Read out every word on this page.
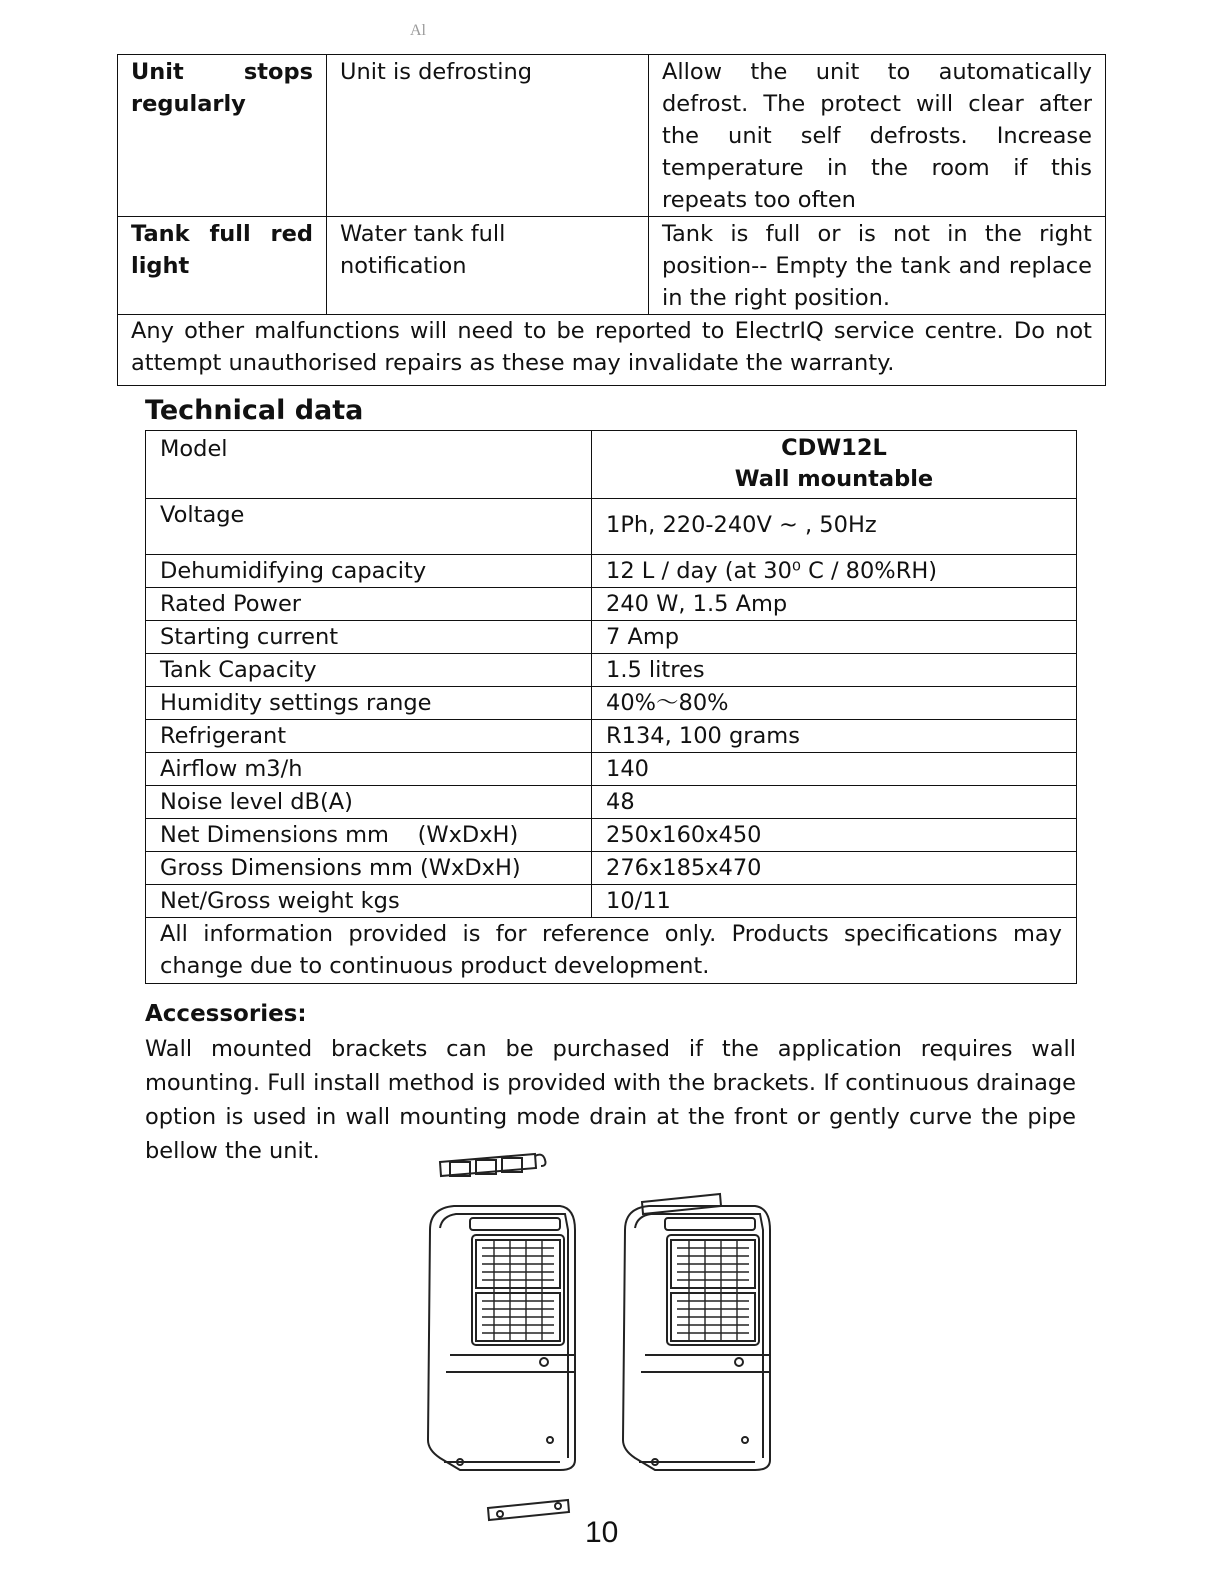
Al
Unit stops regularly	Unit is defrosting	Allow the unit to automatically defrost. The protect will clear after the unit self defrosts. Increase temperature in the room if this repeats too often
Tank full red light	Water tank full notification	Tank is full or is not in the right position-- Empty the tank and replace in the right position.
Any other malfunctions will need to be reported to ElectrIQ service centre. Do not attempt unauthorised repairs as these may invalidate the warranty.		
Technical data
Model	CDW12L
Wall mountable

Voltage	1Ph, 220-240V ~ , 50Hz
Dehumidifying capacity	12 L / day (at 30⁰ C / 80%RH)
Rated Power	240 W, 1.5 Amp
Starting current	7 Amp
Tank Capacity	1.5 litres
Humidity settings range	40%～80%
Refrigerant	R134, 100 grams
Airflow m3/h	140
Noise level dB(A)	48
Net Dimensions mm    (WxDxH)	250x160x450
Gross Dimensions mm (WxDxH)	276x185x470
Net/Gross weight kgs	10/11
All information provided is for reference only. Products specifications may change due to continuous product development.	
Accessories:

Wall mounted brackets can be purchased if the application requires wall mounting. Full install method is provided with the brackets. If continuous drainage option is used in wall mounting mode drain at the front or gently curve the pipe bellow the unit.

10
